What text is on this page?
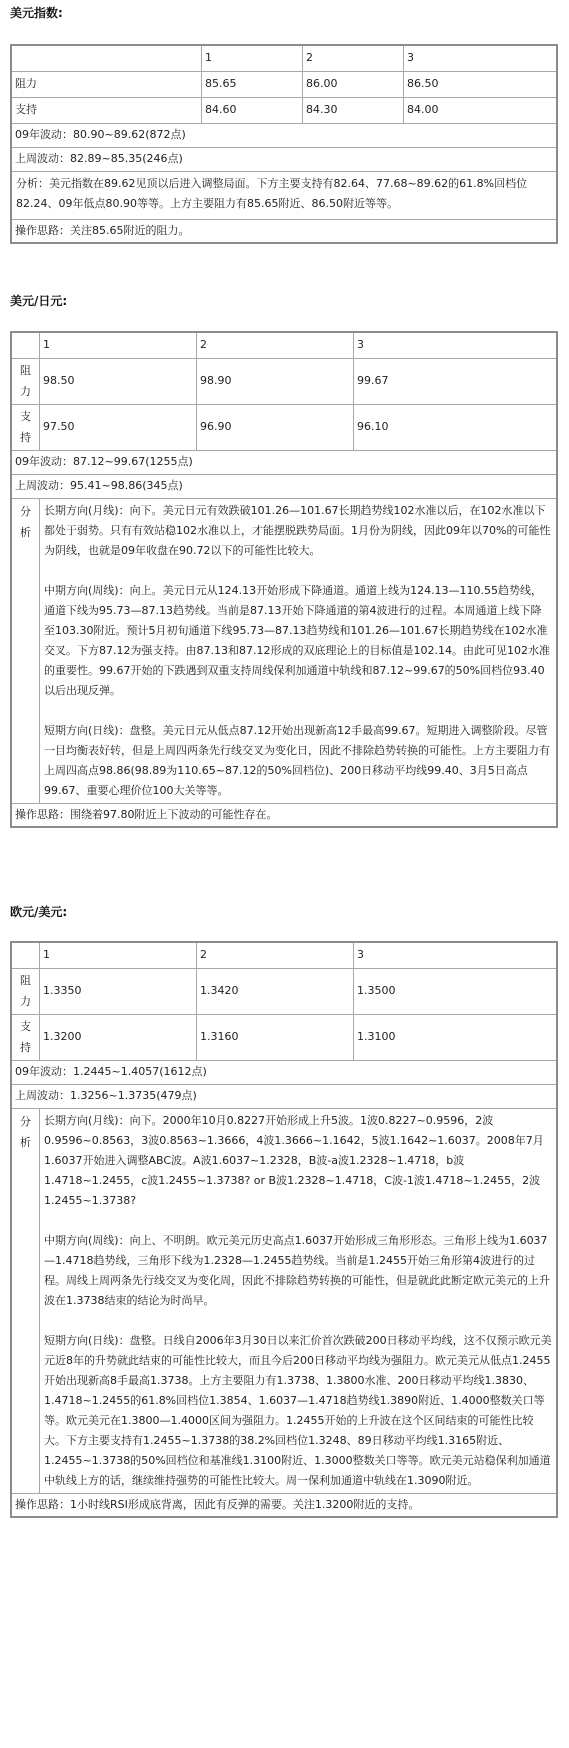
美元指数:
	1	2	3
阻力	85.65	86.00	86.50
支持	84.60	84.30	84.00
09年波动：80.90~89.62(872点)			
上周波动：82.89~85.35(246点)			
分析：美元指数在89.62见顶以后进入调整局面。下方主要支持有82.64、77.68~89.62的61.8%回档位82.24、09年低点80.90等等。上方主要阻力有85.65附近、86.50附近等等。			
操作思路：关注85.65附近的阻力。			
美元/日元:
	1	2	3
阻力	98.50	98.90	99.67
支持	97.50	96.90	96.10
09年波动：87.12~99.67(1255点)			
上周波动：95.41~98.86(345点)			
分析	长期方向(月线)：向下。美元日元有效跌破101.26—101.67长期趋势线102水准以后，在102水准以下都处于弱势。只有有效站稳102水准以上，才能摆脱跌势局面。1月份为阴线，因此09年以70%的可能性为阴线，也就是09年收盘在90.72以下的可能性比较大。
中期方向(周线)：向上。美元日元从124.13开始形成下降通道。通道上线为124.13—110.55趋势线，通道下线为95.73—87.13趋势线。当前是87.13开始下降通道的第4波进行的过程。本周通道上线下降至103.30附近。预计5月初旬通道下线95.73—87.13趋势线和101.26—101.67长期趋势线在102水准交叉。下方87.12为强支持。由87.13和87.12形成的双底理论上的目标值是102.14。由此可见102水准的重要性。99.67开始的下跌遇到双重支持周线保利加通道中轨线和87.12~99.67的50%回档位93.40以后出现反弹。
短期方向(日线)：盘整。美元日元从低点87.12开始出现新高12手最高99.67。短期进入调整阶段。尽管一目均衡表好转，但是上周四两条先行线交叉为变化日，因此不排除趋势转换的可能性。上方主要阻力有上周四高点98.86(98.89为110.65~87.12的50%回档位)、200日移动平均线99.40、3月5日高点99.67、重要心理价位100大关等等。		

操作思路：围绕着97.80附近上下波动的可能性存在。			
欧元/美元:
	1	2	3
阻力	1.3350	1.3420	1.3500
支持	1.3200	1.3160	1.3100
09年波动：1.2445~1.4057(1612点)			
上周波动：1.3256~1.3735(479点)			
分析	长期方向(月线)：向下。2000年10月0.8227开始形成上升5波。1波0.8227~0.9596，2波0.9596~0.8563，3波0.8563~1.3666，4波1.3666~1.1642，5波1.1642~1.6037。2008年7月1.6037开始进入调整ABC波。A波1.6037~1.2328，B波-a波1.2328~1.4718，b波1.4718~1.2455，c波1.2455~1.3738? or B波1.2328~1.4718，C波-1波1.4718~1.2455，2波1.2455~1.3738?
中期方向(周线)：向上、不明朗。欧元美元历史高点1.6037开始形成三角形形态。三角形上线为1.6037—1.4718趋势线，三角形下线为1.2328—1.2455趋势线。当前是1.2455开始三角形第4波进行的过程。周线上周两条先行线交叉为变化周，因此不排除趋势转换的可能性，但是就此此断定欧元美元的上升波在1.3738结束的结论为时尚早。
短期方向(日线)：盘整。日线自2006年3月30日以来汇价首次跌破200日移动平均线，这不仅预示欧元美元近8年的升势就此结束的可能性比较大，而且今后200日移动平均线为强阻力。欧元美元从低点1.2455开始出现新高8手最高1.3738。上方主要阻力有1.3738、1.3800水准、200日移动平均线1.3830、1.4718~1.2455的61.8%回档位1.3854、1.6037—1.4718趋势线1.3890附近、1.4000整数关口等等。欧元美元在1.3800—1.4000区间为强阻力。1.2455开始的上升波在这个区间结束的可能性比较大。下方主要支持有1.2455~1.3738的38.2%回档位1.3248、89日移动平均线1.3165附近、1.2455~1.3738的50%回档位和基准线1.3100附近、1.3000整数关口等等。欧元美元站稳保利加通道中轨线上方的话，继续维持强势的可能性比较大。周一保利加通道中轨线在1.3090附近。		

操作思路：1小时线RSI形成底背离，因此有反弹的需要。关注1.3200附近的支持。			
